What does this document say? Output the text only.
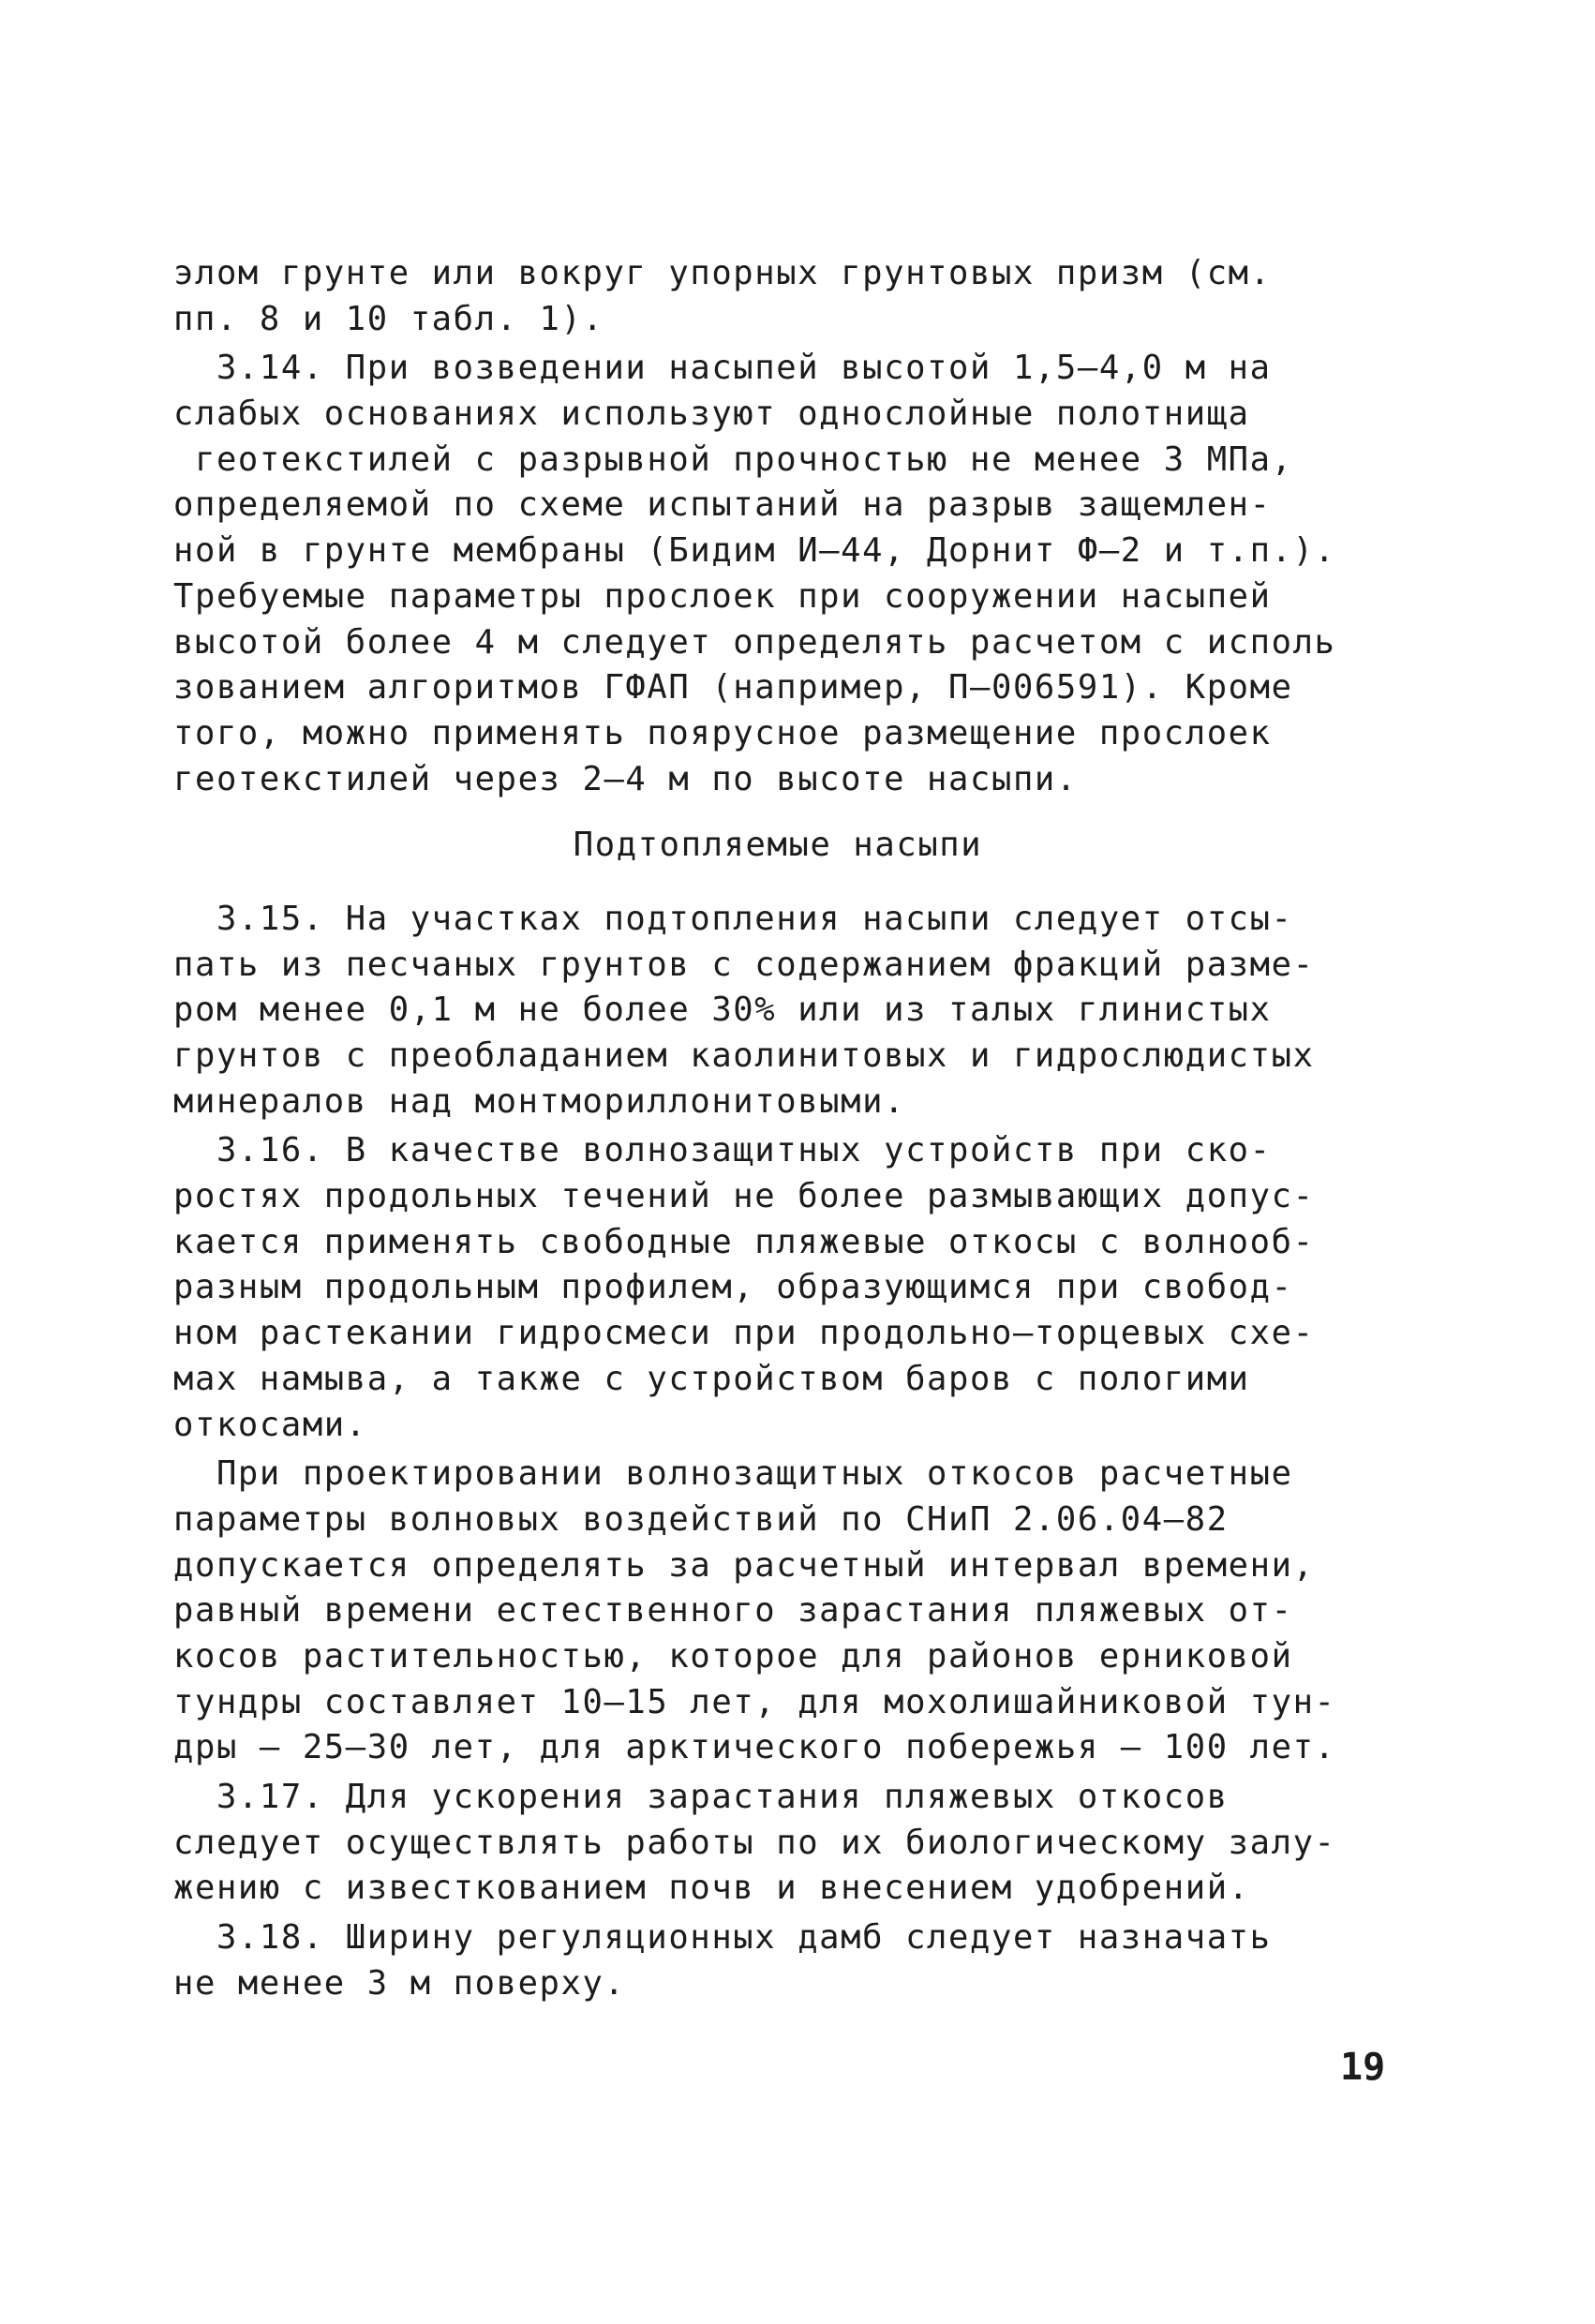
элом грунте или вокруг упорных грунтовых призм (см.
пп. 8 и 10 табл. 1).

3.14. При возведении насыпей высотой 1,5–4,0 м на
слабых основаниях используют однослойные полотнища
геотекстилей с разрывной прочностью не менее 3 МПа,
определяемой по схеме испытаний на разрыв защемлен-
ной в грунте мембраны (Бидим И–44, Дорнит Ф–2 и т.п.).
Требуемые параметры прослоек при сооружении насыпей
высотой более 4 м следует определять расчетом с исполь
зованием алгоритмов ГФАП (например, П–006591). Кроме
того, можно применять поярусное размещение прослоек
геотекстилей через 2–4 м по высоте насыпи.

Подтопляемые насыпи

3.15. На участках подтопления насыпи следует отсы-
пать из песчаных грунтов с содержанием фракций разме-
ром менее 0,1 м не более 30% или из талых глинистых
грунтов с преобладанием каолинитовых и гидрослюдистых
минералов над монтмориллонитовыми.

3.16. В качестве волнозащитных устройств при ско-
ростях продольных течений не более размывающих допус-
кается применять свободные пляжевые откосы с волнооб-
разным продольным профилем, образующимся при свобод-
ном растекании гидросмеси при продольно–торцевых схе-
мах намыва, а также с устройством баров с пологими
откосами.

При проектировании волнозащитных откосов расчетные
параметры волновых воздействий по СНиП 2.06.04–82
допускается определять за расчетный интервал времени,
равный времени естественного зарастания пляжевых от-
косов растительностью, которое для районов ерниковой
тундры составляет 10–15 лет, для мохолишайниковой тун-
дры – 25–30 лет, для арктического побережья – 100 лет.

3.17. Для ускорения зарастания пляжевых откосов
следует осуществлять работы по их биологическому залу-
жению с известкованием почв и внесением удобрений.

3.18. Ширину регуляционных дамб следует назначать
не менее 3 м поверху.

19
